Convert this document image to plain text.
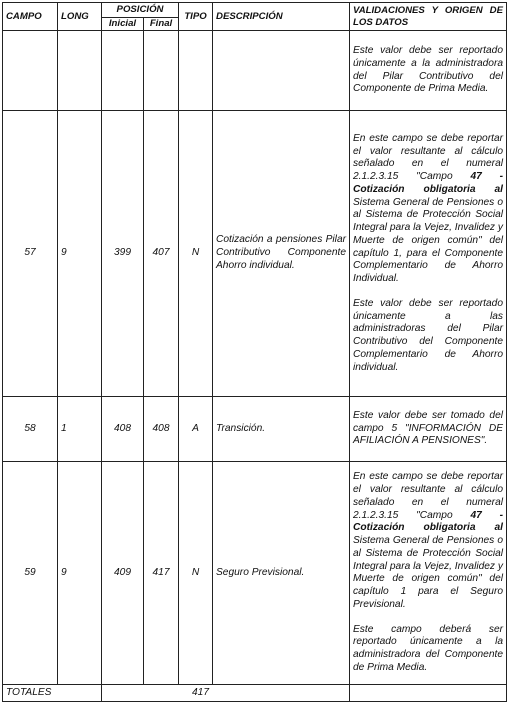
CAMPO	LONG	POSICIÓN		TIPO	DESCRIPCIÓN	VALIDACIONES Y ORIGEN DE LOS DATOS
		Inicial	Final			

						Este valor debe ser reportado únicamente a la administradora del Pilar Contributivo del Componente de Prima Media.

57	9	399	407	N	Cotización a pensiones Pilar Contributivo Componente Ahorro individual.	En este campo se debe reportar el valor resultante al cálculo señalado en el numeral 2.1.2.3.15 "Campo 47 - Cotización obligatoria al Sistema General de Pensiones o al Sistema de Protección Social Integral para la Vejez, Invalidez y Muerte de origen común" del capítulo 1, para el Componente Complementario de Ahorro Individual.

Este valor debe ser reportado únicamente a las administradoras del Pilar Contributivo del Componente Complementario de Ahorro individual.

58	1	408	408	A	Transición.	Este valor debe ser tomado del campo 5 "INFORMACIÓN DE AFILIACIÓN A PENSIONES".

59	9	409	417	N	Seguro Previsional.	En este campo se debe reportar el valor resultante al cálculo señalado en el numeral 2.1.2.3.15 "Campo 47 - Cotización obligatoria al Sistema General de Pensiones o al Sistema de Protección Social Integral para la Vejez, Invalidez y Muerte de origen común" del capítulo 1 para el Seguro Previsional.

Este campo deberá ser reportado únicamente a la administradora del Componente de Prima Media.

TOTALES		417				
